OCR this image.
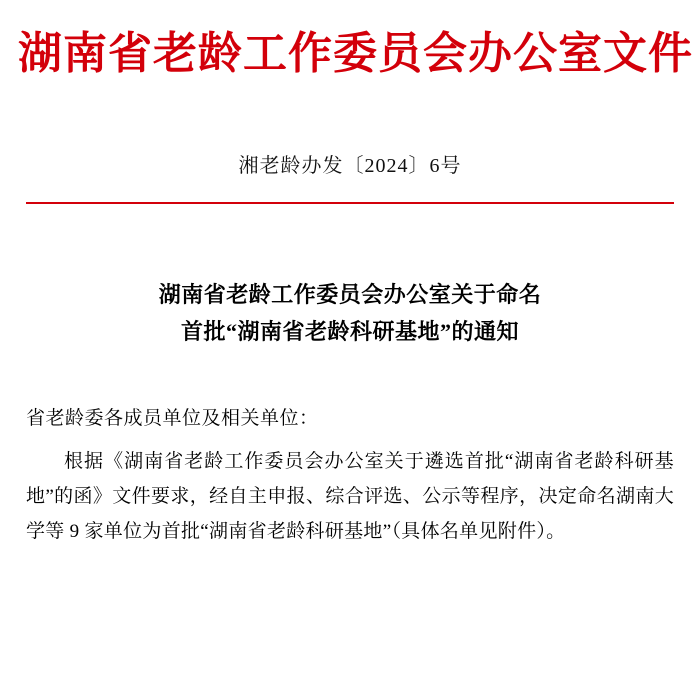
湖南省老龄工作委员会办公室文件
湘老龄办发〔2024〕6号
湖南省老龄工作委员会办公室关于命名
首批“湖南省老龄科研基地”的通知
省老龄委各成员单位及相关单位：
根据《湖南省老龄工作委员会办公室关于遴选首批“湖南省老龄科研基地”的函》文件要求，经自主申报、综合评选、公示等程序，决定命名湖南大学等 9 家单位为首批“湖南省老龄科研基地”（具体名单见附件）。
